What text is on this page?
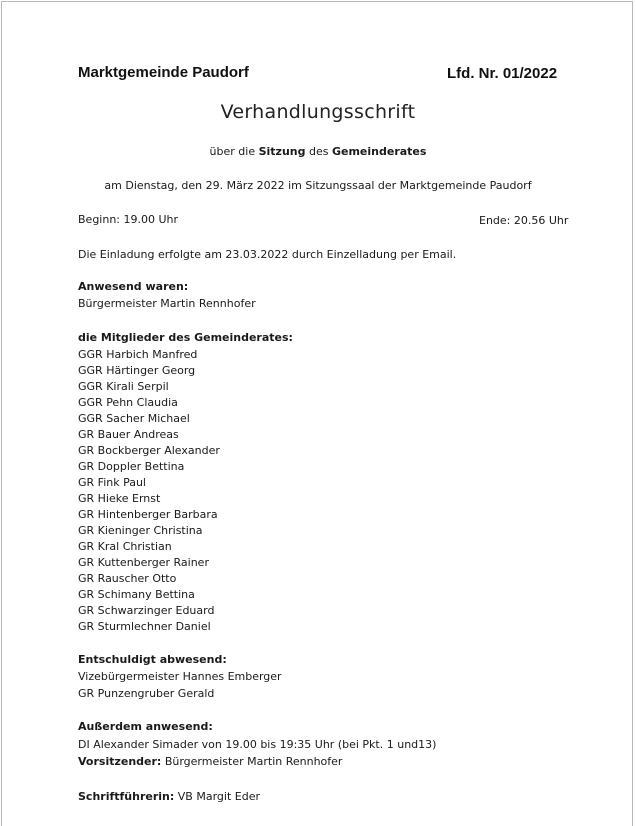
Marktgemeinde Paudorf	Lfd. Nr. 01/2022
Verhandlungsschrift
über die Sitzung des Gemeinderates
am Dienstag, den 29. März 2022 im Sitzungssaal der Marktgemeinde Paudorf
Beginn: 19.00 Uhr	Ende: 20.56 Uhr
Die Einladung erfolgte am 23.03.2022 durch Einzelladung per Email.
Anwesend waren:
Bürgermeister Martin Rennhofer
die Mitglieder des Gemeinderates:
GGR Harbich Manfred
GGR Härtinger Georg
GGR Kirali Serpil
GGR Pehn Claudia
GGR Sacher Michael
GR Bauer Andreas
GR Bockberger Alexander
GR Doppler Bettina
GR Fink Paul
GR Hieke Ernst
GR Hintenberger Barbara
GR Kieninger Christina
GR Kral Christian
GR Kuttenberger Rainer
GR Rauscher Otto
GR Schimany Bettina
GR Schwarzinger Eduard
GR Sturmlechner Daniel
Entschuldigt abwesend:
Vizebürgermeister Hannes Emberger
GR Punzengruber Gerald
Außerdem anwesend:
DI Alexander Simader von 19.00 bis 19:35 Uhr (bei Pkt. 1 und13)
Vorsitzender: Bürgermeister Martin Rennhofer
Schriftführerin: VB Margit Eder
